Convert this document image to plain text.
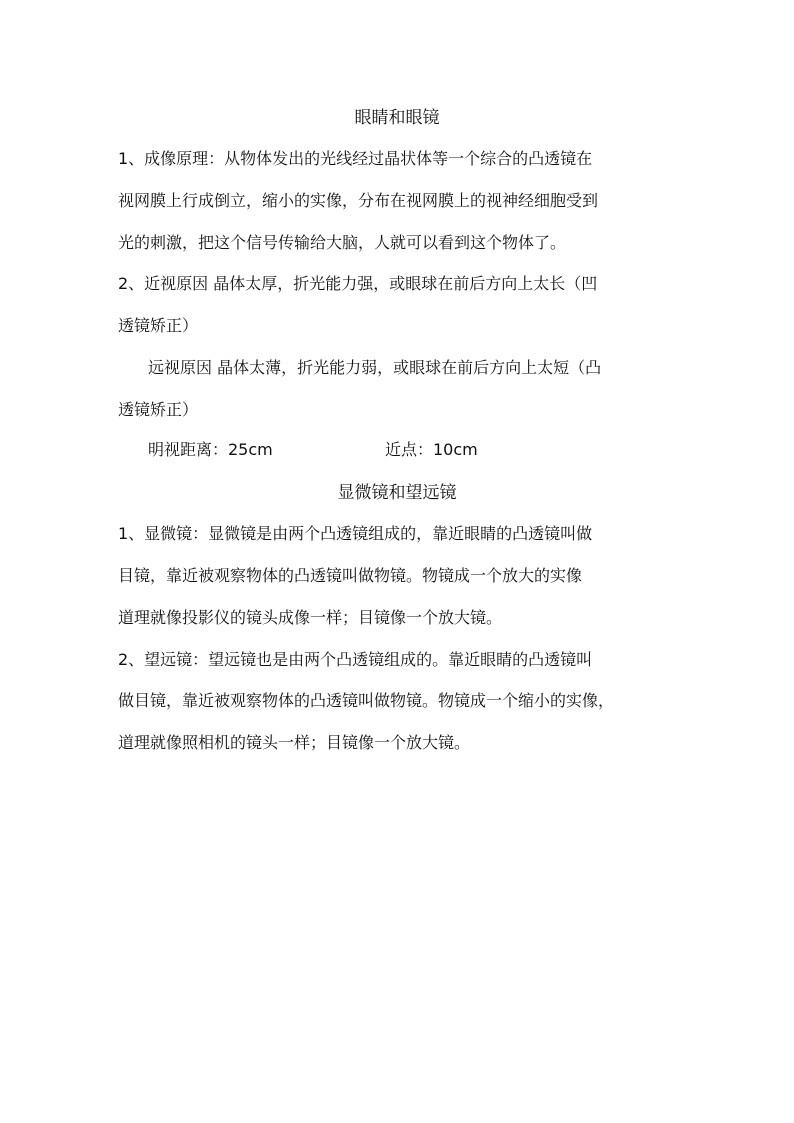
眼睛和眼镜
1、成像原理：从物体发出的光线经过晶状体等一个综合的凸透镜在
视网膜上行成倒立，缩小的实像，分布在视网膜上的视神经细胞受到
光的刺激，把这个信号传输给大脑，人就可以看到这个物体了。
2、近视原因 晶体太厚，折光能力强，或眼球在前后方向上太长（凹
透镜矫正）
远视原因 晶体太薄，折光能力弱，或眼球在前后方向上太短（凸
透镜矫正）
明视距离：25cm	近点：10cm
显微镜和望远镜
1、显微镜：显微镜是由两个凸透镜组成的，靠近眼睛的凸透镜叫做
目镜，靠近被观察物体的凸透镜叫做物镜。物镜成一个放大的实像
道理就像投影仪的镜头成像一样；目镜像一个放大镜。
2、望远镜：望远镜也是由两个凸透镜组成的。靠近眼睛的凸透镜叫
做目镜，靠近被观察物体的凸透镜叫做物镜。物镜成一个缩小的实像，
道理就像照相机的镜头一样；目镜像一个放大镜。
